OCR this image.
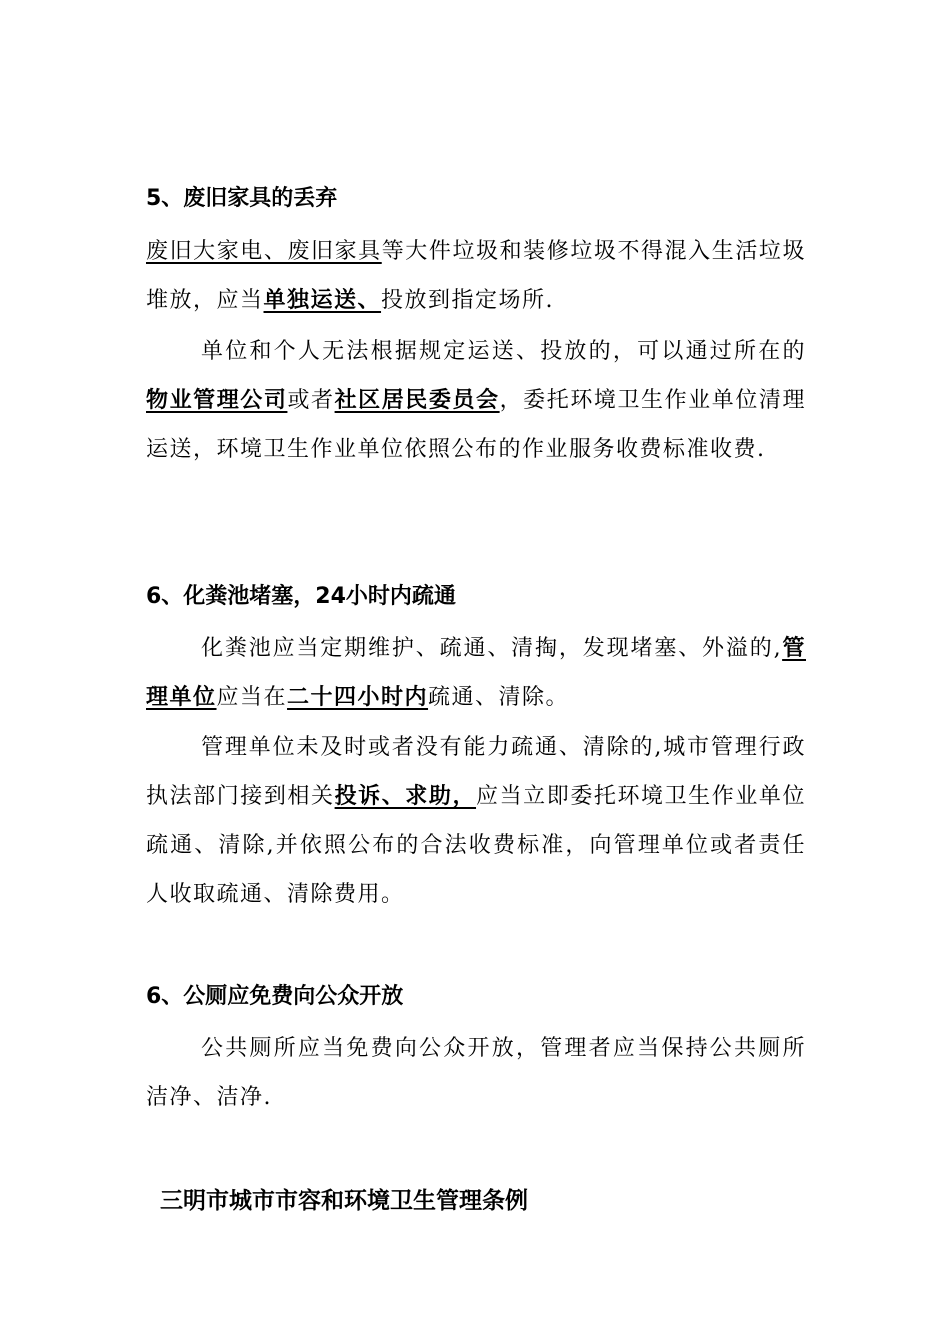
5、废旧家具的丢弃
废旧大家电、废旧家具等大件垃圾和装修垃圾不得混入生活垃圾堆放，应当单独运送、投放到指定场所.
单位和个人无法根据规定运送、投放的，可以通过所在的物业管理公司或者社区居民委员会，委托环境卫生作业单位清理运送，环境卫生作业单位依照公布的作业服务收费标准收费.
6、化粪池堵塞，24小时内疏通
化粪池应当定期维护、疏通、清掏，发现堵塞、外溢的,管理单位应当在二十四小时内疏通、清除。
管理单位未及时或者没有能力疏通、清除的,城市管理行政执法部门接到相关投诉、求助，应当立即委托环境卫生作业单位疏通、清除,并依照公布的合法收费标准，向管理单位或者责任人收取疏通、清除费用。
6、公厕应免费向公众开放
公共厕所应当免费向公众开放，管理者应当保持公共厕所洁净、洁净.
三明市城市市容和环境卫生管理条例
